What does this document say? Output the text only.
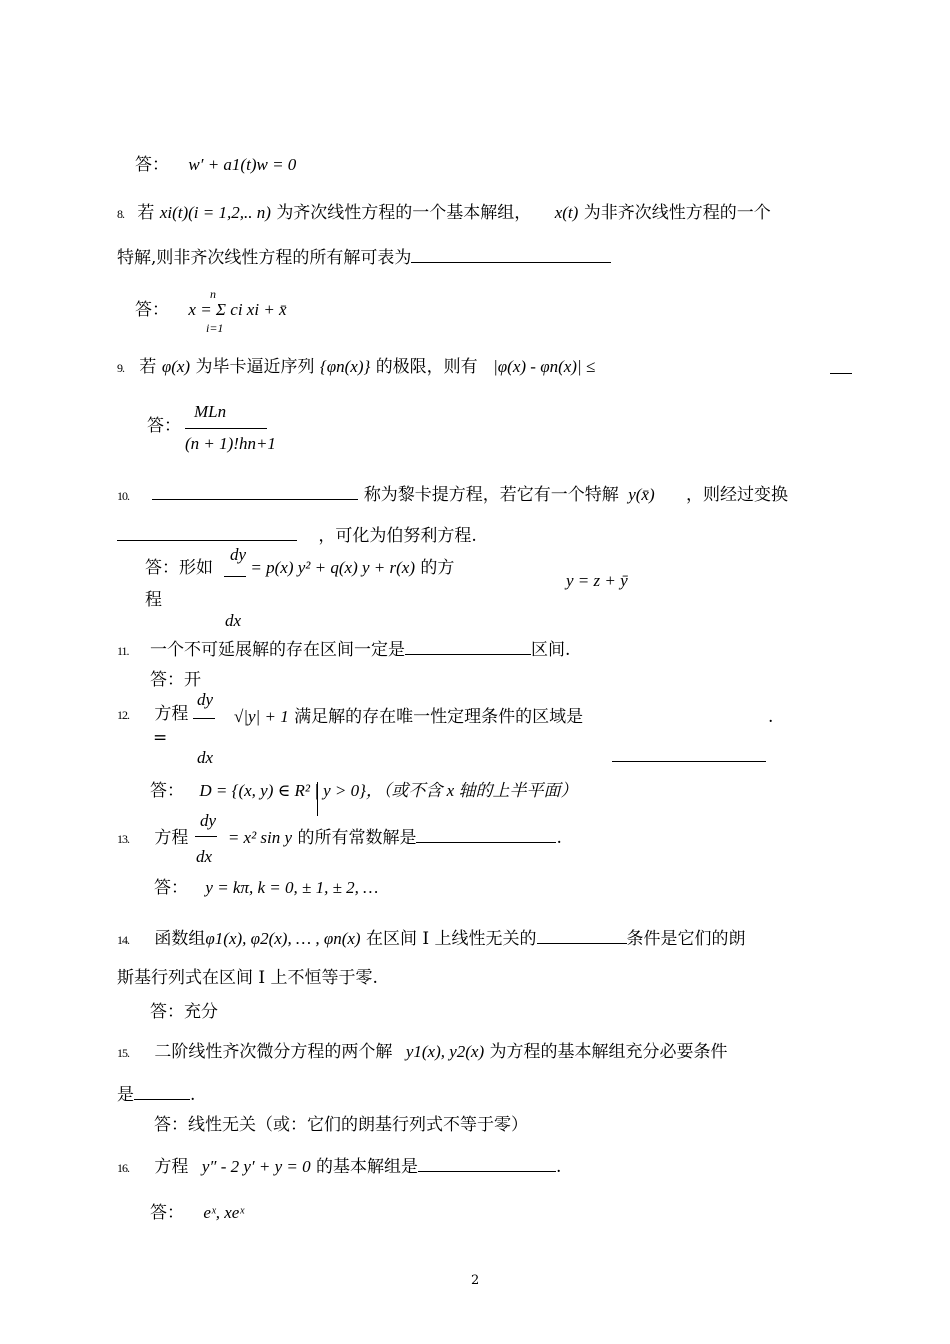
答： w′ + a1(t)w = 0
8. 若 xi(t)(i = 1,2,.. n) 为齐次线性方程的一个基本解组， x(t) 为非齐次线性方程的一个
特解,则非齐次线性方程的所有解可表为
答： x = Σ ci xi + x̄
n
i=1
9. 若 φ(x) 为毕卡逼近序列 {φn(x)} 的极限，则有 |φ(x) - φn(x)| ≤
答：
MLn
(n + 1)!hn+1
10.	称为黎卡提方程，若它有一个特解 y(x̄) ，则经过变换
，可化为伯努利方程.
dy
答：形如 = p(x) y² + q(x) y + r(x) 的方
程
y = z + ȳ
dx
11. 一个不可延展解的存在区间一定是	区间.
答：开
12. 方程
dy
=
dx
√|y| + 1 满足解的存在唯一性定理条件的区域是	.
答： D = {(x, y) ∈ R² | y > 0}，（或不含 x 轴的上半平面）
dy
13. 方程 = x² sin y 的所有常数解是	.
dx
答： y = kπ, k = 0, ± 1, ± 2, …
14. 函数组φ1(x), φ2(x), … , φn(x) 在区间 I 上线性无关的	条件是它们的朗
斯基行列式在区间 I 上不恒等于零.
答：充分
15. 二阶线性齐次微分方程的两个解 y1(x), y2(x) 为方程的基本解组充分必要条件
是	.
答：线性无关（或：它们的朗基行列式不等于零）
16. 方程 y″ - 2 y′ + y = 0 的基本解组是	.
答： eˣ, xeˣ
2
